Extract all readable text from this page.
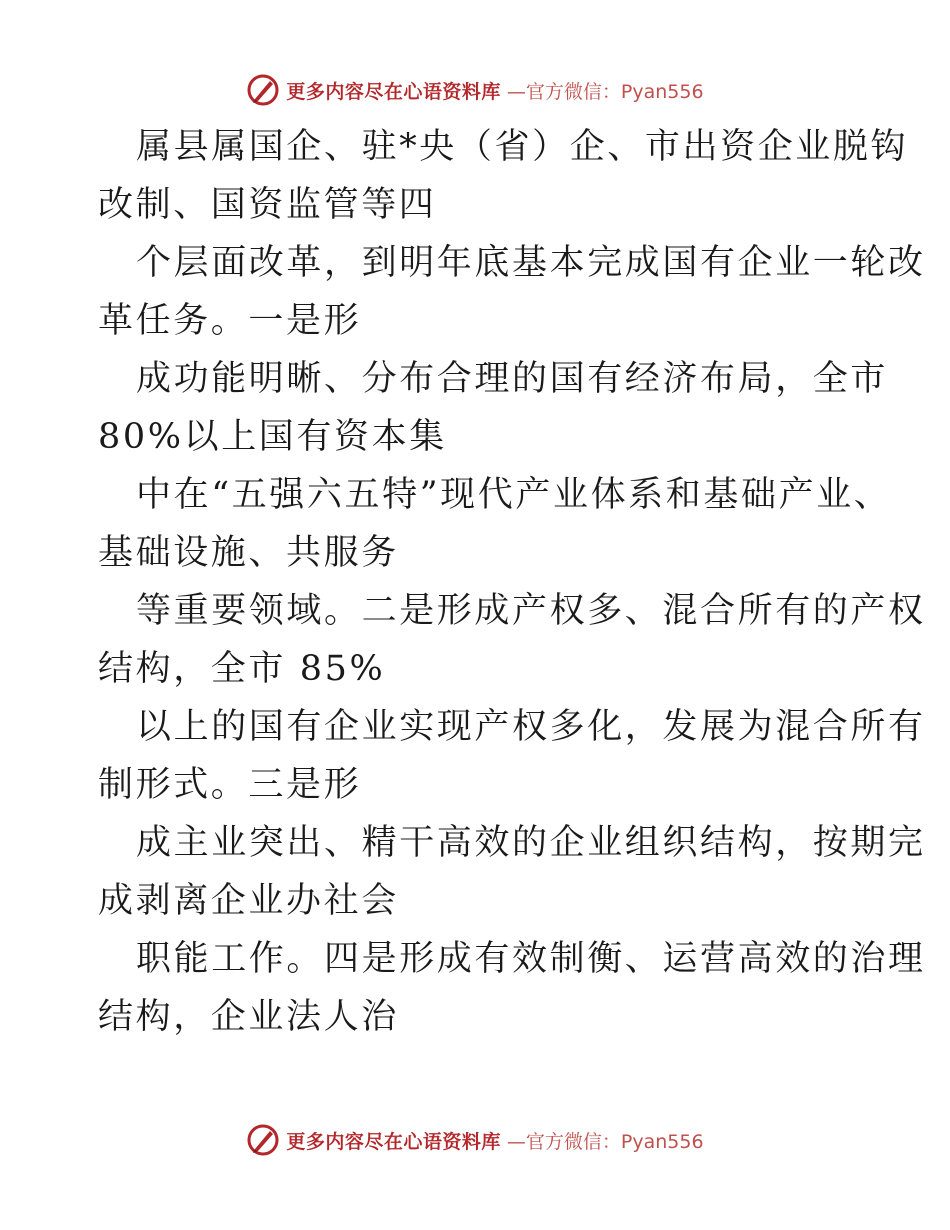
更多内容尽在心语资料库 —官方微信：Pyan556
属县属国企、驻*央（省）企、市出资企业脱钩
改制、国资监管等四
个层面改革，到明年底基本完成国有企业一轮改
革任务。一是形
成功能明晰、分布合理的国有经济布局，全市
80%以上国有资本集
中在“五强六五特”现代产业体系和基础产业、
基础设施、共服务
等重要领域。二是形成产权多、混合所有的产权
结构，全市 85%
以上的国有企业实现产权多化，发展为混合所有
制形式。三是形
成主业突出、精干高效的企业组织结构，按期完
成剥离企业办社会
职能工作。四是形成有效制衡、运营高效的治理
结构，企业法人治
更多内容尽在心语资料库 —官方微信：Pyan556
